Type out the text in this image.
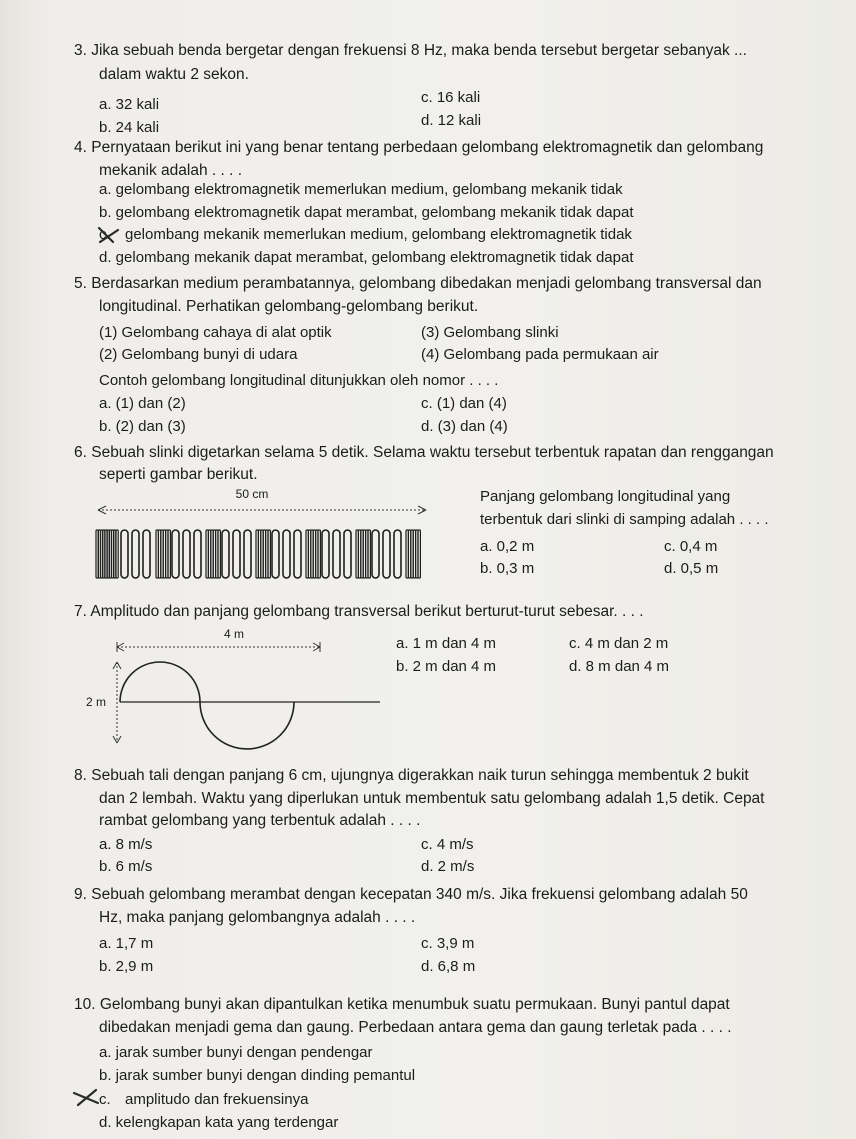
3. Jika sebuah benda bergetar dengan frekuensi 8 Hz, maka benda tersebut bergetar sebanyak ...
dalam waktu 2 sekon.
a. 32 kali
b. 24 kali
c. 16 kali
d. 12 kali
4. Pernyataan berikut ini yang benar tentang perbedaan gelombang elektromagnetik dan gelombang
mekanik adalah . . . .
a. gelombang elektromagnetik memerlukan medium, gelombang mekanik tidak
b. gelombang elektromagnetik dapat merambat, gelombang mekanik tidak dapat
c. gelombang mekanik memerlukan medium, gelombang elektromagnetik tidak
d. gelombang mekanik dapat merambat, gelombang elektromagnetik tidak dapat
5. Berdasarkan medium perambatannya, gelombang dibedakan menjadi gelombang transversal dan
longitudinal. Perhatikan gelombang-gelombang berikut.
(1) Gelombang cahaya di alat optik
(2) Gelombang bunyi di udara
(3) Gelombang slinki
(4) Gelombang pada permukaan air
Contoh gelombang longitudinal ditunjukkan oleh nomor . . . .
a. (1) dan (2)
b. (2) dan (3)
c. (1) dan (4)
d. (3) dan (4)
6. Sebuah slinki digetarkan selama 5 detik. Selama waktu tersebut terbentuk rapatan dan renggangan
seperti gambar berikut.
50 cm	Panjang gelombang longitudinal yang
terbentuk dari slinki di samping adalah . . . .
a. 0,2 m
b. 0,3 m
c. 0,4 m
d. 0,5 m
7. Amplitudo dan panjang gelombang transversal berikut berturut-turut sebesar. . . .
4 m
2 m
a. 1 m dan 4 m
b. 2 m dan 4 m
c. 4 m dan 2 m
d. 8 m dan 4 m
8. Sebuah tali dengan panjang 6 cm, ujungnya digerakkan naik turun sehingga membentuk 2 bukit
dan 2 lembah. Waktu yang diperlukan untuk membentuk satu gelombang adalah 1,5 detik. Cepat
rambat gelombang yang terbentuk adalah . . . .
a. 8 m/s
b. 6 m/s
c. 4 m/s
d. 2 m/s
9. Sebuah gelombang merambat dengan kecepatan 340 m/s. Jika frekuensi gelombang adalah 50
Hz, maka panjang gelombangnya adalah . . . .
a. 1,7 m
b. 2,9 m
c. 3,9 m
d. 6,8 m
10. Gelombang bunyi akan dipantulkan ketika menumbuk suatu permukaan. Bunyi pantul dapat
dibedakan menjadi gema dan gaung. Perbedaan antara gema dan gaung terletak pada . . . .
a. jarak sumber bunyi dengan pendengar
b. jarak sumber bunyi dengan dinding pemantul
c. amplitudo dan frekuensinya
d. kelengkapan kata yang terdengar
